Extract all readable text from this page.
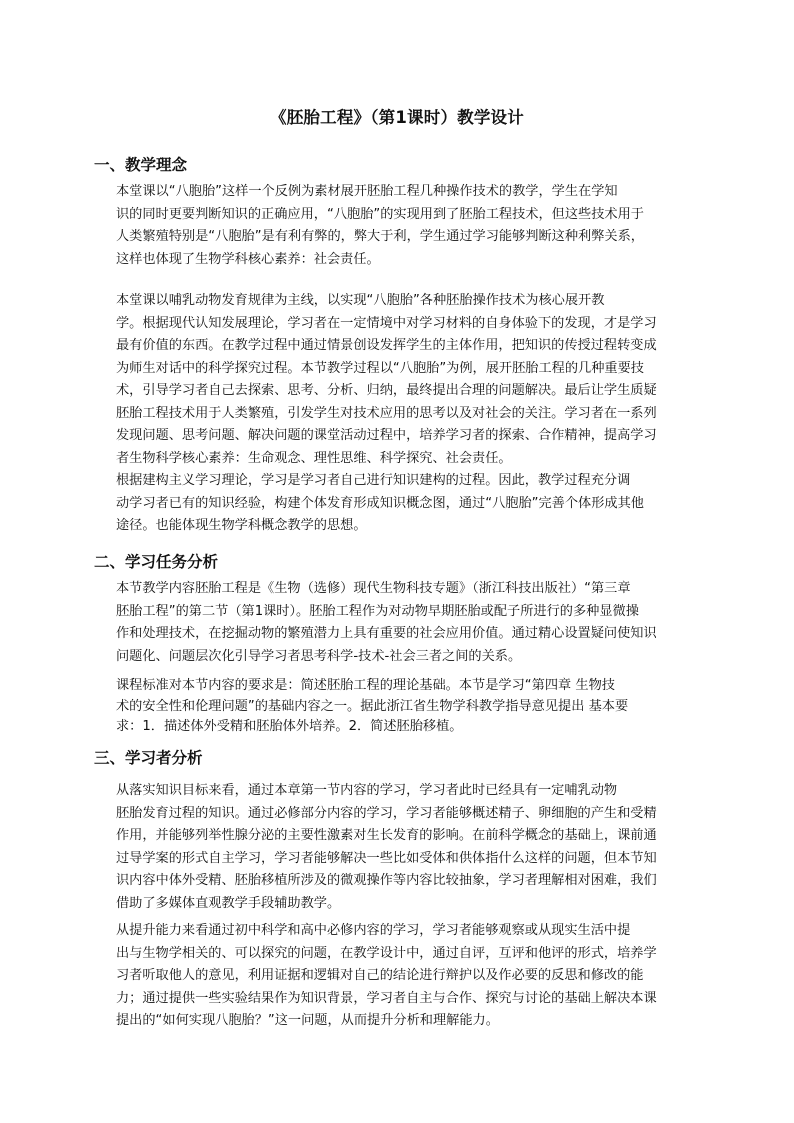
《胚胎工程》（第1课时）教学设计
一、教学理念
本堂课以“八胞胎”这样一个反例为素材展开胚胎工程几种操作技术的教学，学生在学知
识的同时更要判断知识的正确应用，“八胞胎”的实现用到了胚胎工程技术，但这些技术用于
人类繁殖特别是“八胞胎”是有利有弊的，弊大于利，学生通过学习能够判断这种利弊关系，
这样也体现了生物学科核心素养：社会责任。
本堂课以哺乳动物发育规律为主线，以实现“八胞胎”各种胚胎操作技术为核心展开教
学。根据现代认知发展理论，学习者在一定情境中对学习材料的自身体验下的发现，才是学习
最有价值的东西。在教学过程中通过情景创设发挥学生的主体作用，把知识的传授过程转变成
为师生对话中的科学探究过程。本节教学过程以“八胞胎”为例，展开胚胎工程的几种重要技
术，引导学习者自己去探索、思考、分析、归纳，最终提出合理的问题解决。最后让学生质疑
胚胎工程技术用于人类繁殖，引发学生对技术应用的思考以及对社会的关注。学习者在一系列
发现问题、思考问题、解决问题的课堂活动过程中，培养学习者的探索、合作精神，提高学习
者生物科学核心素养：生命观念、理性思维、科学探究、社会责任。
根据建构主义学习理论，学习是学习者自己进行知识建构的过程。因此，教学过程充分调
动学习者已有的知识经验，构建个体发育形成知识概念图，通过“八胞胎”完善个体形成其他
途径。也能体现生物学科概念教学的思想。
二、学习任务分析
本节教学内容胚胎工程是《生物（选修）现代生物科技专题》（浙江科技出版社）“第三章
胚胎工程”的第二节（第1课时）。胚胎工程作为对动物早期胚胎或配子所进行的多种显微操
作和处理技术，在挖掘动物的繁殖潜力上具有重要的社会应用价值。通过精心设置疑问使知识
问题化、问题层次化引导学习者思考科学-技术-社会三者之间的关系。
课程标准对本节内容的要求是：简述胚胎工程的理论基础。本节是学习“第四章 生物技
术的安全性和伦理问题”的基础内容之一。据此浙江省生物学科教学指导意见提出 基本要
求：1．描述体外受精和胚胎体外培养。2．简述胚胎移植。
三、学习者分析
从落实知识目标来看，通过本章第一节内容的学习，学习者此时已经具有一定哺乳动物
胚胎发育过程的知识。通过必修部分内容的学习，学习者能够概述精子、卵细胞的产生和受精
作用，并能够列举性腺分泌的主要性激素对生长发育的影响。在前科学概念的基础上，课前通
过导学案的形式自主学习，学习者能够解决一些比如受体和供体指什么这样的问题，但本节知
识内容中体外受精、胚胎移植所涉及的微观操作等内容比较抽象，学习者理解相对困难，我们
借助了多媒体直观教学手段辅助教学。
从提升能力来看通过初中科学和高中必修内容的学习，学习者能够观察或从现实生活中提
出与生物学相关的、可以探究的问题，在教学设计中，通过自评，互评和他评的形式，培养学
习者听取他人的意见，利用证据和逻辑对自己的结论进行辩护以及作必要的反思和修改的能
力；通过提供一些实验结果作为知识背景，学习者自主与合作、探究与讨论的基础上解决本课
提出的“如何实现八胞胎？”这一问题，从而提升分析和理解能力。
